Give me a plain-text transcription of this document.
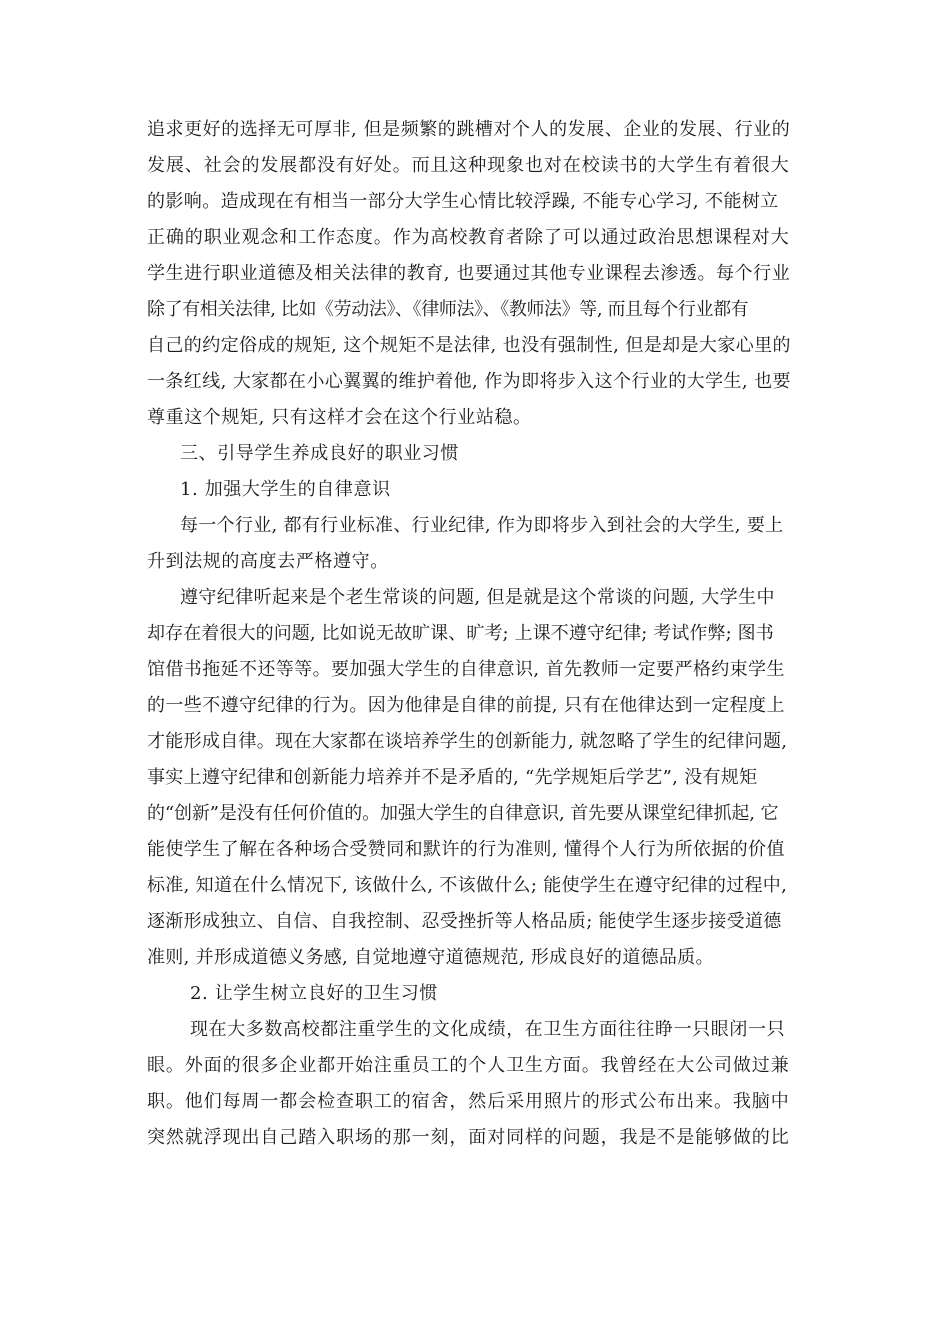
追求更好的选择无可厚非, 但是频繁的跳槽对个人的发展、企业的发展、行业的
发展、社会的发展都没有好处。而且这种现象也对在校读书的大学生有着很大
的影响。造成现在有相当一部分大学生心情比较浮躁, 不能专心学习, 不能树立
正确的职业观念和工作态度。作为高校教育者除了可以通过政治思想课程对大
学生进行职业道德及相关法律的教育, 也要通过其他专业课程去渗透。每个行业
除了有相关法律, 比如《劳动法》、《律师法》、《教师法》等, 而且每个行业都有
自己的约定俗成的规矩, 这个规矩不是法律, 也没有强制性, 但是却是大家心里的
一条红线, 大家都在小心翼翼的维护着他, 作为即将步入这个行业的大学生, 也要
尊重这个规矩, 只有这样才会在这个行业站稳。
三、引导学生养成良好的职业习惯
1. 加强大学生的自律意识
每一个行业, 都有行业标准、行业纪律, 作为即将步入到社会的大学生, 要上
升到法规的高度去严格遵守。
遵守纪律听起来是个老生常谈的问题, 但是就是这个常谈的问题, 大学生中
却存在着很大的问题, 比如说无故旷课、旷考; 上课不遵守纪律; 考试作弊; 图书
馆借书拖延不还等等。要加强大学生的自律意识, 首先教师一定要严格约束学生
的一些不遵守纪律的行为。因为他律是自律的前提, 只有在他律达到一定程度上
才能形成自律。现在大家都在谈培养学生的创新能力, 就忽略了学生的纪律问题,
事实上遵守纪律和创新能力培养并不是矛盾的, “先学规矩后学艺”, 没有规矩
的“创新”是没有任何价值的。加强大学生的自律意识, 首先要从课堂纪律抓起, 它
能使学生了解在各种场合受赞同和默许的行为准则, 懂得个人行为所依据的价值
标准, 知道在什么情况下, 该做什么, 不该做什么; 能使学生在遵守纪律的过程中,
逐渐形成独立、自信、自我控制、忍受挫折等人格品质; 能使学生逐步接受道德
准则, 并形成道德义务感, 自觉地遵守道德规范, 形成良好的道德品质。
2. 让学生树立良好的卫生习惯
现在大多数高校都注重学生的文化成绩，在卫生方面往往睁一只眼闭一只
眼。外面的很多企业都开始注重员工的个人卫生方面。我曾经在大公司做过兼
职。他们每周一都会检查职工的宿舍，然后采用照片的形式公布出来。我脑中
突然就浮现出自己踏入职场的那一刻，面对同样的问题，我是不是能够做的比
